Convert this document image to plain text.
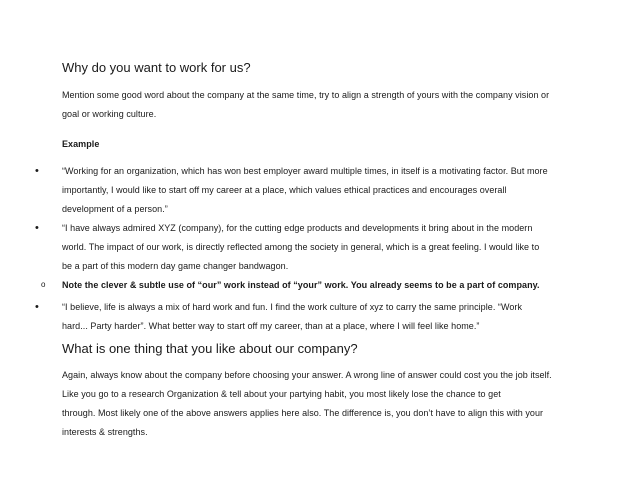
Why do you want to work for us?
Mention some good word about the company at the same time, try to align a strength of yours with the company vision or
goal or working culture.
Example
•	“Working for an organization, which has won best employer award multiple times, in itself is a motivating factor. But more
importantly, I would like to start off my career at a place, which values ethical practices and encourages overall
development of a person.”
•	“I have always admired XYZ (company), for the cutting edge products and developments it bring about in the modern
world. The impact of our work, is directly reflected among the society in general, which is a great feeling. I would like to
be a part of this modern day game changer bandwagon.
o Note the clever & subtle use of “our” work instead of “your” work. You already seems to be a part of company.
•	“I believe, life is always a mix of hard work and fun. I find the work culture of xyz to carry the same principle. “Work
hard... Party harder”. What better way to start off my career, than at a place, where I will feel like home.”
What is one thing that you like about our company?
Again, always know about the company before choosing your answer. A wrong line of answer could cost you the job itself.
Like you go to a research Organization & tell about your partying habit, you most likely lose the chance to get
through. Most likely one of the above answers applies here also. The difference is, you don’t have to align this with your
interests & strengths.
